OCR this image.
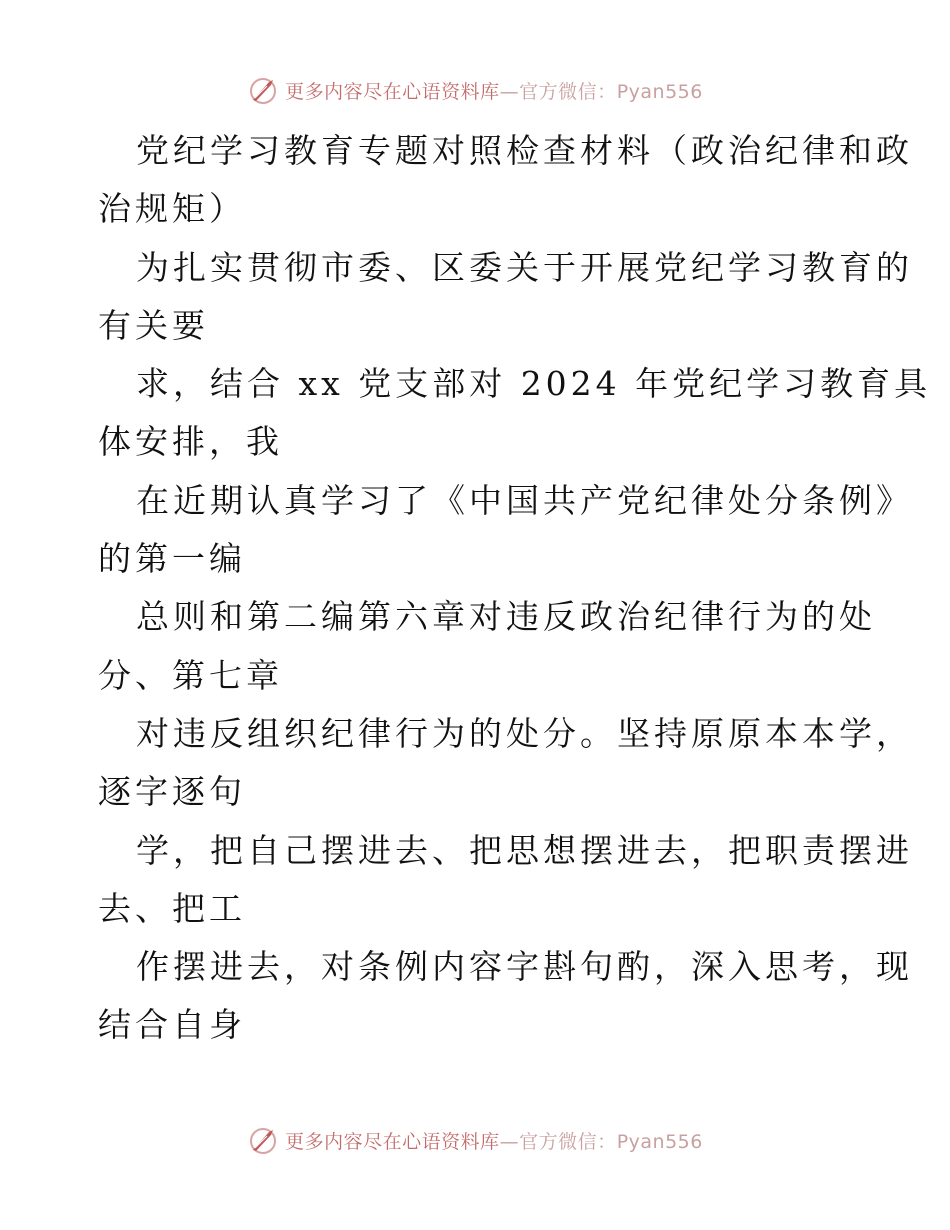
更多内容尽在心语资料库—官方微信：Pyan556
党纪学习教育专题对照检查材料（政治纪律和政
治规矩）
为扎实贯彻市委、区委关于开展党纪学习教育的
有关要
求，结合 xx 党支部对 2024 年党纪学习教育具
体安排，我
在近期认真学习了《中国共产党纪律处分条例》
的第一编
总则和第二编第六章对违反政治纪律行为的处
分、第七章
对违反组织纪律行为的处分。坚持原原本本学，
逐字逐句
学，把自己摆进去、把思想摆进去，把职责摆进
去、把工
作摆进去，对条例内容字斟句酌，深入思考，现
结合自身
更多内容尽在心语资料库—官方微信：Pyan556
